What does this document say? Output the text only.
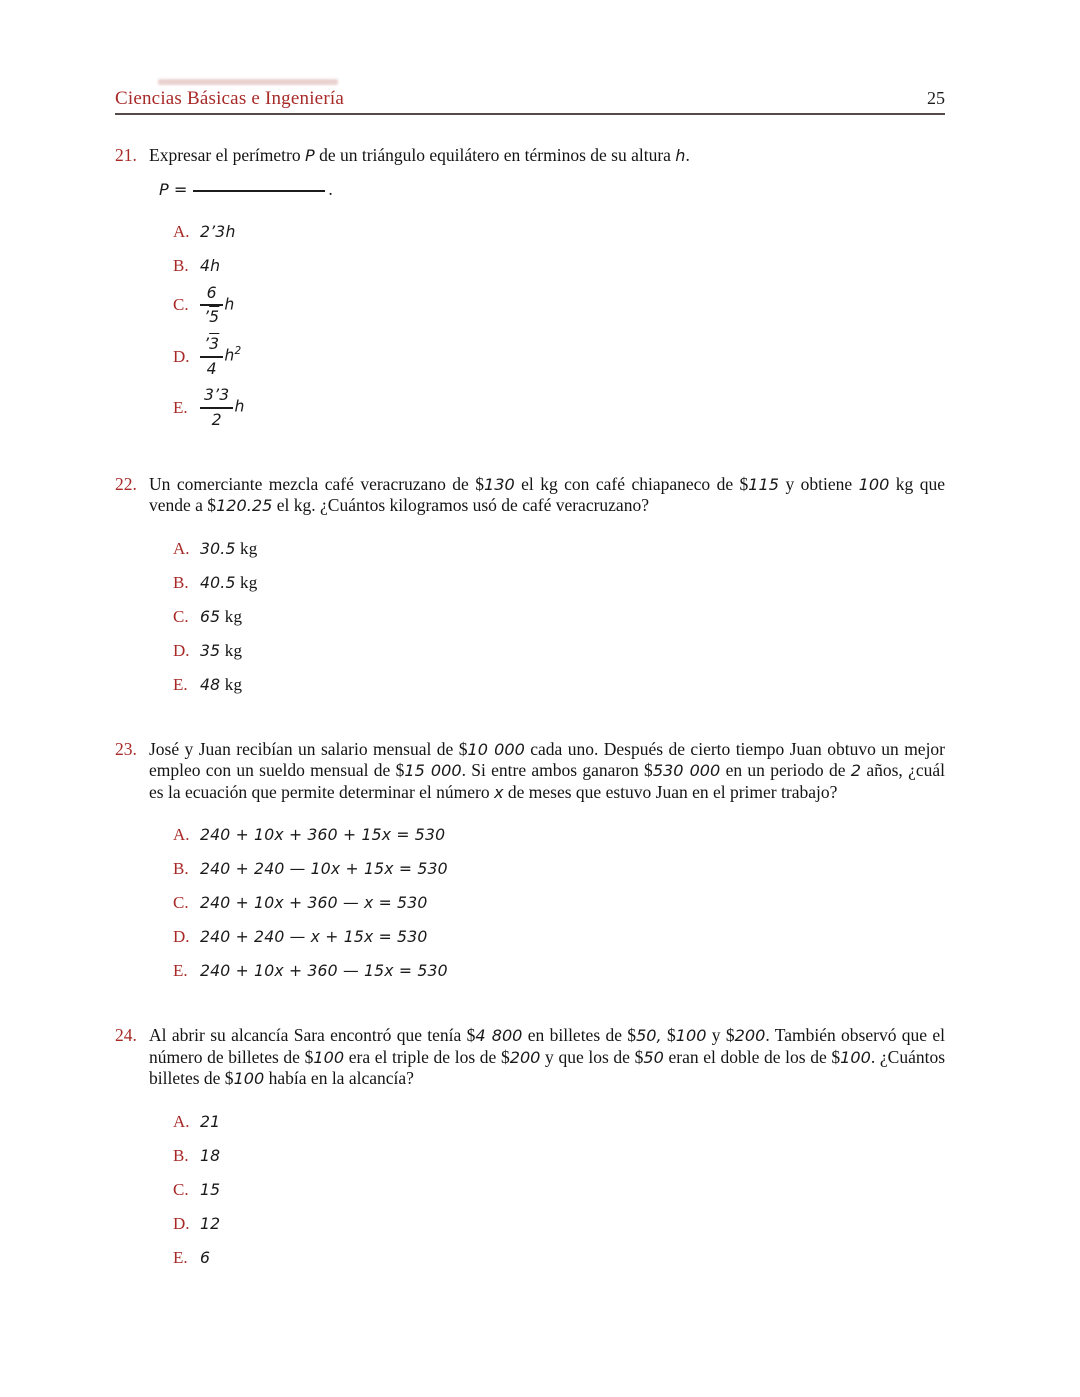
Ciencias Básicas e Ingeniería	25
21. Expresar el perímetro P de un triángulo equilátero en términos de su altura h.
P =	.
A. 2’3h
B. 4h
C. $\frac{6}{’5}$ h
D. $\frac{’3}{4} h^2$
E. $\frac{3’3}{2}$ h
22. Un comerciante mezcla café veracruzano de $130 el kg con café chiapaneco de $115 y obtiene 100 kg que vende a $120.25 el kg. ¿Cuántos kilogramos usó de café veracruzano?
A. 30.5 kg
B. 40.5 kg
C. 65 kg
D. 35 kg
E. 48 kg
23. José y Juan recibían un salario mensual de $10 000 cada uno. Después de cierto tiempo Juan obtuvo un mejor empleo con un sueldo mensual de $15 000. Si entre ambos ganaron $530 000 en un periodo de 2 años, ¿cuál es la ecuación que permite determinar el número x de meses que estuvo Juan en el primer trabajo?
A. 240 + 10x + 360 + 15x = 530
B. 240 + 240 — 10x + 15x = 530
C. 240 + 10x + 360 — x = 530
D. 240 + 240 — x + 15x = 530
E. 240 + 10x + 360 — 15x = 530
24. Al abrir su alcancía Sara encontró que tenía $4 800 en billetes de $50, $100 y $200. También observó que el número de billetes de $100 era el triple de los de $200 y que los de $50 eran el doble de los de $100. ¿Cuántos billetes de $100 había en la alcancía?
A. 21
B. 18
C. 15
D. 12
E. 6
